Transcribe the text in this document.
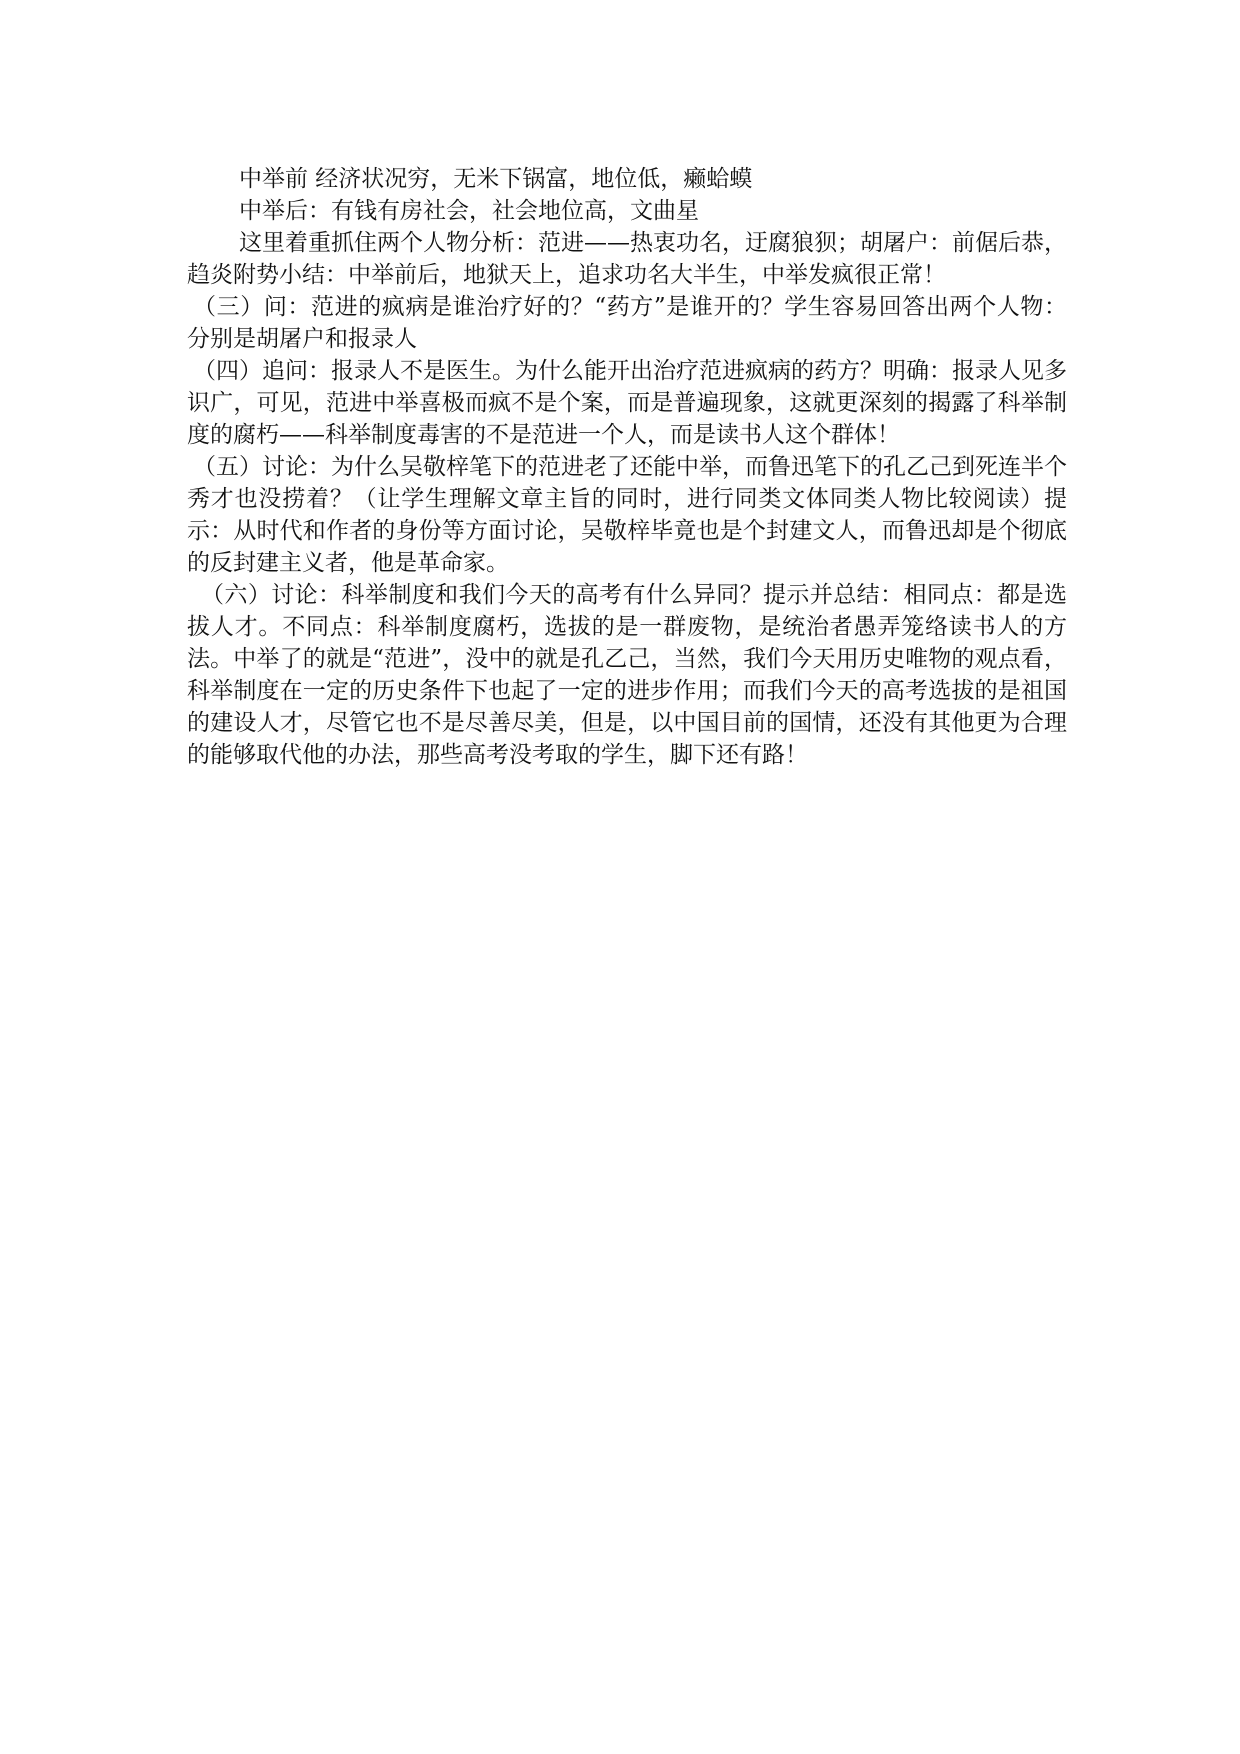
中举前 经济状况穷，无米下锅富，地位低，癞蛤蟆

中举后：有钱有房社会，社会地位高，文曲星

这里着重抓住两个人物分析：范进——热衷功名，迂腐狼狈；胡屠户：前倨后恭，趋炎附势小结：中举前后，地狱天上，追求功名大半生，中举发疯很正常！

（三）问：范进的疯病是谁治疗好的？“药方”是谁开的？学生容易回答出两个人物：分别是胡屠户和报录人

（四）追问：报录人不是医生。为什么能开出治疗范进疯病的药方？明确：报录人见多识广，可见，范进中举喜极而疯不是个案，而是普遍现象，这就更深刻的揭露了科举制度的腐朽——科举制度毒害的不是范进一个人，而是读书人这个群体！

（五）讨论：为什么吴敬梓笔下的范进老了还能中举，而鲁迅笔下的孔乙己到死连半个秀才也没捞着？（让学生理解文章主旨的同时，进行同类文体同类人物比较阅读）提示：从时代和作者的身份等方面讨论，吴敬梓毕竟也是个封建文人，而鲁迅却是个彻底的反封建主义者，他是革命家。

（六）讨论：科举制度和我们今天的高考有什么异同？提示并总结：相同点：都是选拔人才。不同点：科举制度腐朽，选拔的是一群废物，是统治者愚弄笼络读书人的方法。中举了的就是“范进”，没中的就是孔乙己，当然，我们今天用历史唯物的观点看，科举制度在一定的历史条件下也起了一定的进步作用；而我们今天的高考选拔的是祖国的建设人才，尽管它也不是尽善尽美，但是，以中国目前的国情，还没有其他更为合理的能够取代他的办法，那些高考没考取的学生，脚下还有路！
